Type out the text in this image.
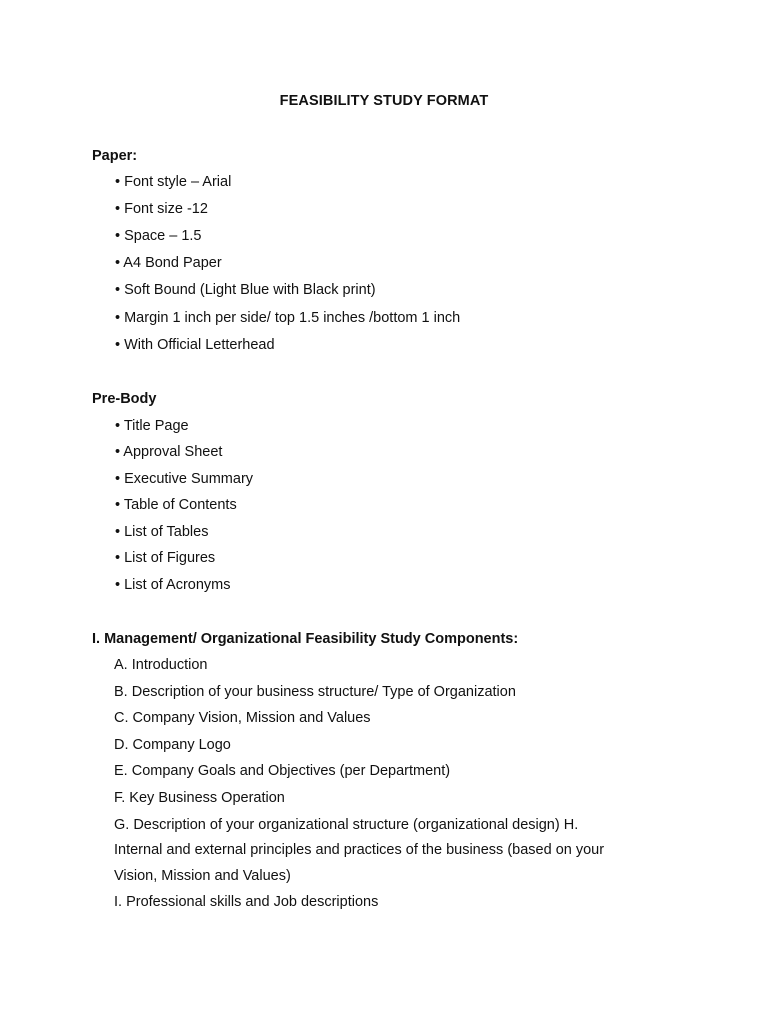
FEASIBILITY STUDY FORMAT
Paper:
• Font style – Arial
• Font size -12
• Space – 1.5
• A4 Bond Paper
• Soft Bound (Light Blue with Black print)
• Margin 1 inch per side/ top 1.5 inches /bottom 1 inch
• With Official Letterhead
Pre-Body
• Title Page
• Approval Sheet
• Executive Summary
• Table of Contents
• List of Tables
• List of Figures
• List of Acronyms
I. Management/ Organizational Feasibility Study Components:
A. Introduction
B. Description of your business structure/ Type of Organization
C. Company Vision, Mission and Values
D. Company Logo
E. Company Goals and Objectives (per Department)
F. Key Business Operation
G. Description of your organizational structure (organizational design) H.
Internal and external principles and practices of the business (based on your
Vision, Mission and Values)
I. Professional skills and Job descriptions
